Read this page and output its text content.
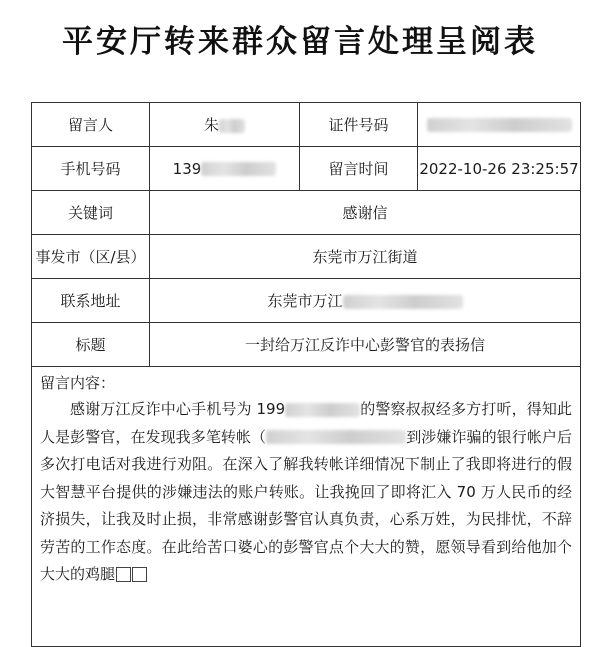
平安厅转来群众留言处理呈阅表
留言人	朱	证件号码	
手机号码	139	留言时间	2022-10-26 23:25:57
关键词	感谢信		
事发市（区/县）	东莞市万江街道		
联系地址	东莞市万江		
标题	一封给万江反诈中心彭警官的表扬信		

留言内容：
感谢万江反诈中心手机号为 199 的警察叔叔经多方打听，得知此人是彭警官，在发现我多笔转帐（ 到涉嫌诈骗的银行帐户后多次打电话对我进行劝阻。在深入了解我转帐详细情况下制止了我即将进行的假大智慧平台提供的涉嫌违法的账户转账。让我挽回了即将汇入 70 万人民币的经济损失，让我及时止损，非常感谢彭警官认真负责，心系万姓，为民排忧，不辞劳苦的工作态度。在此给苦口婆心的彭警官点个大大的赞，愿领导看到给他加个大大的鸡腿			
